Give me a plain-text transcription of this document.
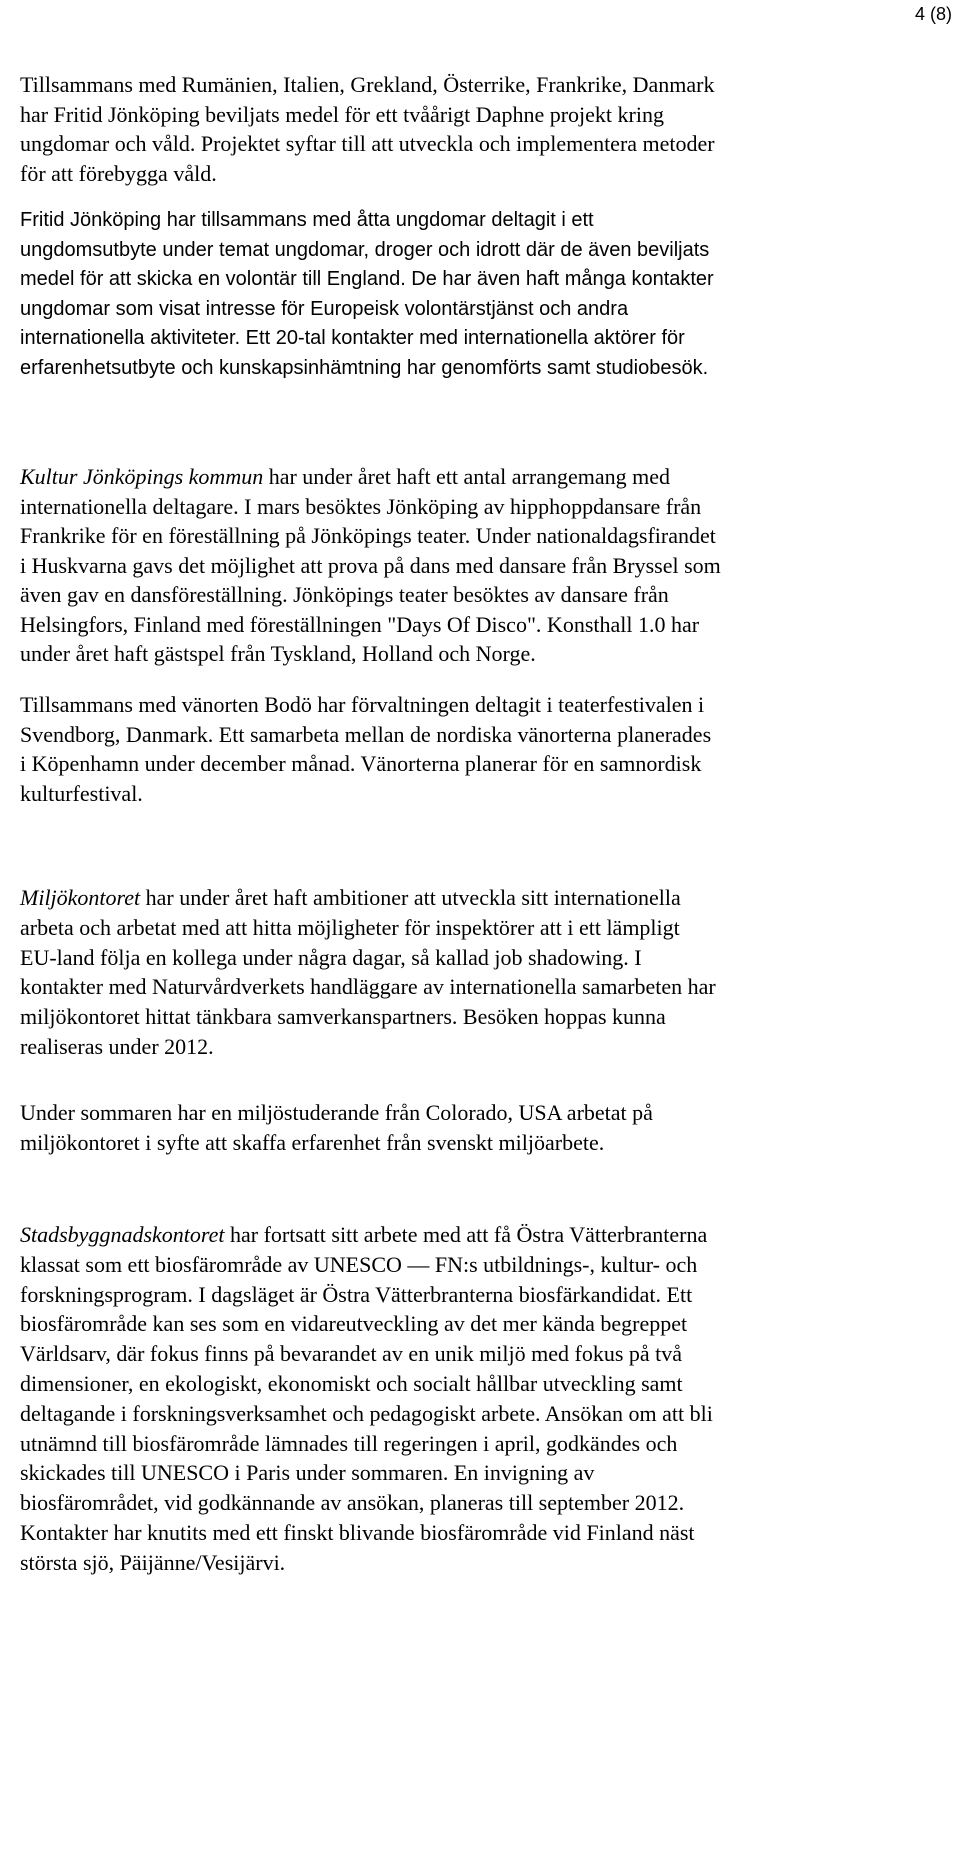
4 (8)

Tillsammans med Rumänien, Italien, Grekland, Österrike, Frankrike, Danmark
har Fritid Jönköping beviljats medel för ett tvåårigt Daphne projekt kring
ungdomar och våld. Projektet syftar till att utveckla och implementera metoder
för att förebygga våld.

Fritid Jönköping har tillsammans med åtta ungdomar deltagit i ett
ungdomsutbyte under temat ungdomar, droger och idrott där de även beviljats
medel för att skicka en volontär till England. De har även haft många kontakter
ungdomar som visat intresse för Europeisk volontärstjänst och andra
internationella aktiviteter. Ett 20-tal kontakter med internationella aktörer för
erfarenhetsutbyte och kunskapsinhämtning har genomförts samt studiobesök.

Kultur Jönköpings kommun har under året haft ett antal arrangemang med
internationella deltagare. I mars besöktes Jönköping av hipphoppdansare från
Frankrike för en föreställning på Jönköpings teater. Under nationaldagsfirandet
i Huskvarna gavs det möjlighet att prova på dans med dansare från Bryssel som
även gav en dansföreställning. Jönköpings teater besöktes av dansare från
Helsingfors, Finland med föreställningen "Days Of Disco". Konsthall 1.0 har
under året haft gästspel från Tyskland, Holland och Norge.

Tillsammans med vänorten Bodö har förvaltningen deltagit i teaterfestivalen i
Svendborg, Danmark. Ett samarbeta mellan de nordiska vänorterna planerades
i Köpenhamn under december månad. Vänorterna planerar för en samnordisk
kulturfestival.

Miljökontoret har under året haft ambitioner att utveckla sitt internationella
arbeta och arbetat med att hitta möjligheter för inspektörer att i ett lämpligt
EU-land följa en kollega under några dagar, så kallad job shadowing. I
kontakter med Naturvårdverkets handläggare av internationella samarbeten har
miljökontoret hittat tänkbara samverkanspartners. Besöken hoppas kunna
realiseras under 2012.

Under sommaren har en miljöstuderande från Colorado, USA arbetat på
miljökontoret i syfte att skaffa erfarenhet från svenskt miljöarbete.

Stadsbyggnadskontoret har fortsatt sitt arbete med att få Östra Vätterbranterna
klassat som ett biosfärområde av UNESCO — FN:s utbildnings-, kultur- och
forskningsprogram. I dagsläget är Östra Vätterbranterna biosfärkandidat. Ett
biosfärområde kan ses som en vidareutveckling av det mer kända begreppet
Världsarv, där fokus finns på bevarandet av en unik miljö med fokus på två
dimensioner, en ekologiskt, ekonomiskt och socialt hållbar utveckling samt
deltagande i forskningsverksamhet och pedagogiskt arbete. Ansökan om att bli
utnämnd till biosfärområde lämnades till regeringen i april, godkändes och
skickades till UNESCO i Paris under sommaren. En invigning av
biosfärområdet, vid godkännande av ansökan, planeras till september 2012.
Kontakter har knutits med ett finskt blivande biosfärområde vid Finland näst
största sjö, Päijänne/Vesijärvi.
